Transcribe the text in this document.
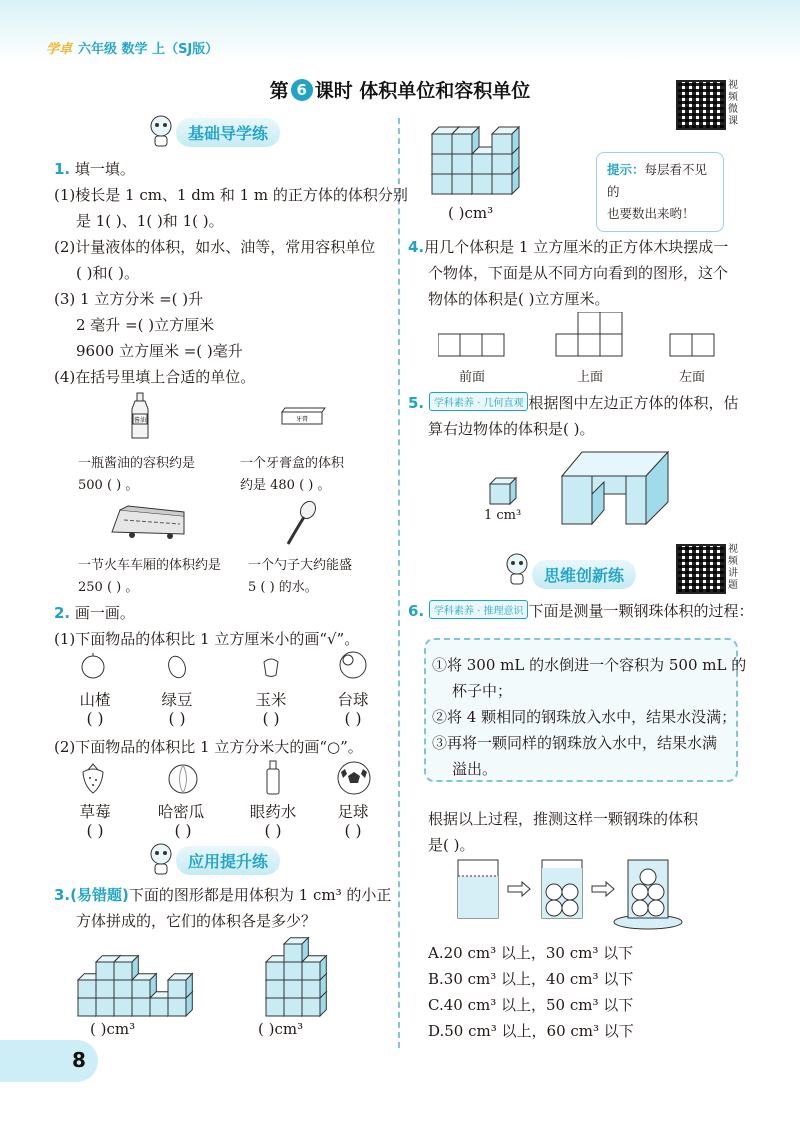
学卓 六年级 数学 上（SJ版）
第 6 课时 体积单位和容积单位	视频微课
基础导学练
1. 填一填。
(1)棱长是 1 cm、1 dm 和 1 m 的正方体的体积分别
是 1( )、1( )和 1( )。
(2)计量液体的体积，如水、油等，常用容积单位
( )和( )。
(3) 1 立方分米 =( )升
2 毫升 =( )立方厘米
9600 立方厘米 =( )毫升
(4)在括号里填上合适的单位。
酱油	牙膏
一瓶酱油的容积约是
500 ( ) 。
一个牙膏盒的体积
约是 480 ( ) 。
一节火车车厢的体积约是
250 ( ) 。
一个勺子大约能盛
5 ( ) 的水。
2. 画一画。
(1)下面物品的体积比 1 立方厘米小的画“√”。
山楂	绿豆	玉米	台球
( )	( )	( )	( )
(2)下面物品的体积比 1 立方分米大的画“○”。
草莓	哈密瓜	眼药水	足球
( )	( )	( )	( )
应用提升练
3.(易错题)下面的图形都是用体积为 1 cm³ 的小正
方体拼成的，它们的体积各是多少？
( )cm³	( )cm³
提示：每层看不见的
也要数出来哟！
( )cm³
4.用几个体积是 1 立方厘米的正方体木块摆成一
个物体，下面是从不同方向看到的图形，这个
物体的体积是( )立方厘米。
前面	上面	左面
5. 学科素养 · 几何直观 根据图中左边正方体的体积，估
算右边物体的体积是( )。
1 cm³
思维创新练
视频讲题
6. 学科素养 · 推理意识 下面是测量一颗钢珠体积的过程：
①将 300 mL 的水倒进一个容积为 500 mL 的
杯子中；
②将 4 颗相同的钢珠放入水中，结果水没满；
③再将一颗同样的钢珠放入水中，结果水满
溢出。
根据以上过程，推测这样一颗钢珠的体积
是( )。
A.20 cm³ 以上，30 cm³ 以下
B.30 cm³ 以上，40 cm³ 以下
C.40 cm³ 以上，50 cm³ 以下
D.50 cm³ 以上，60 cm³ 以下
8
